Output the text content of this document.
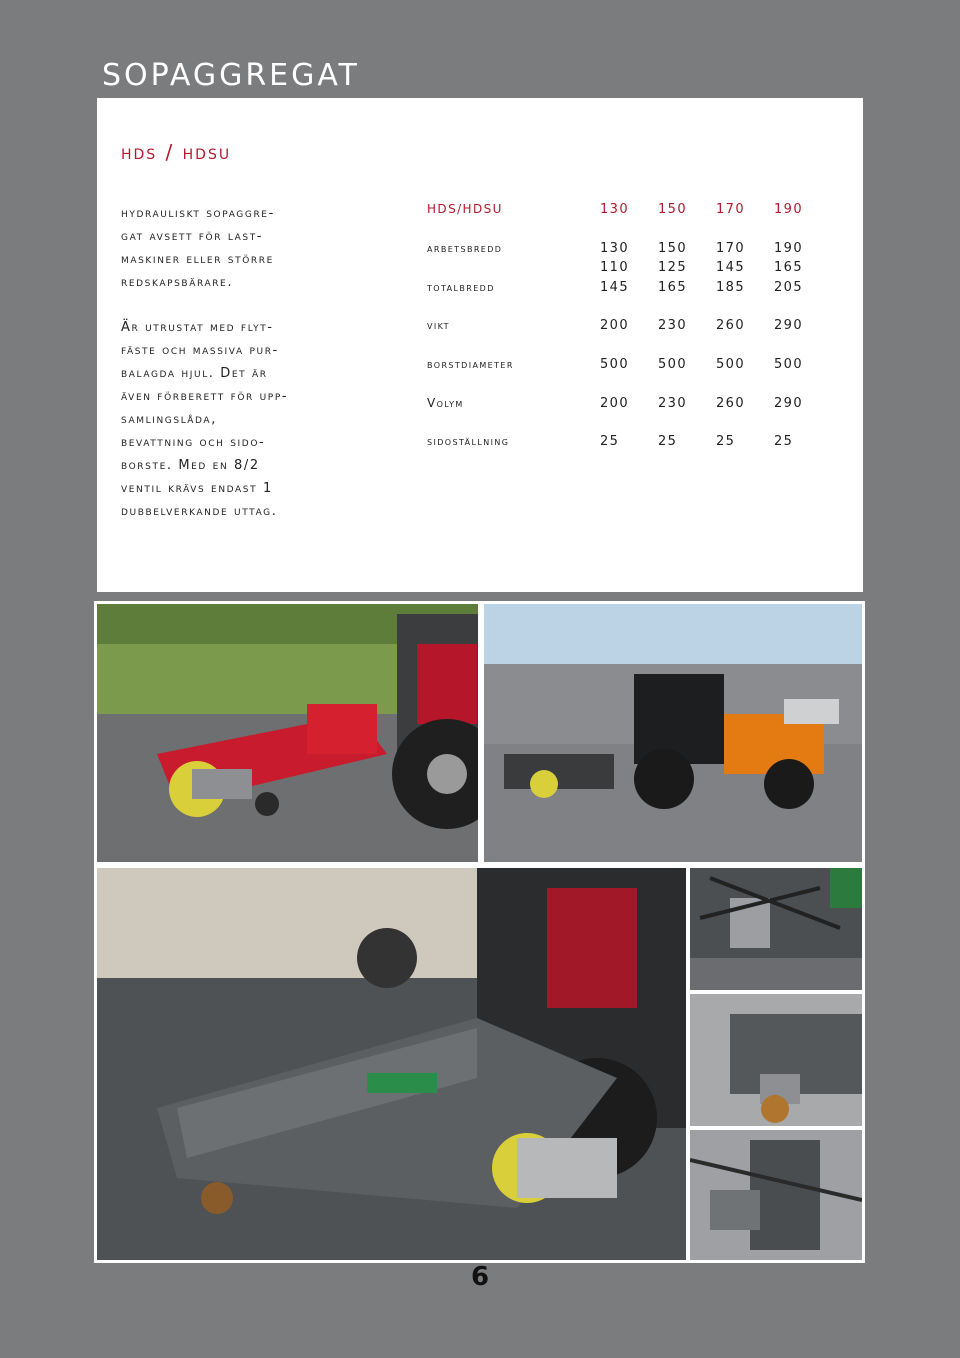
SOPAGGREGAT
hds / hdsu
hydrauliskt sopaggre-
gat avsett för last-
maskiner eller större
redskapsbärare.
Är utrustat med flyt-
fäste och massiva pur-
balagda hjul. Det är
även förberett för upp-
samlingslåda,
bevattning och sido-
borste. Med en 8/2
ventil krävs endast 1
dubbelverkande uttag.
HDS/HDSU	130	150	170	190
arbetsbredd	130	150	170	190
110	125	145	165
totalbredd	145	165	185	205
vikt	200	230	260	290
borstdiameter	500	500	500	500
Volym	200	230	260	290
sidoställning	25	25	25	25
6
